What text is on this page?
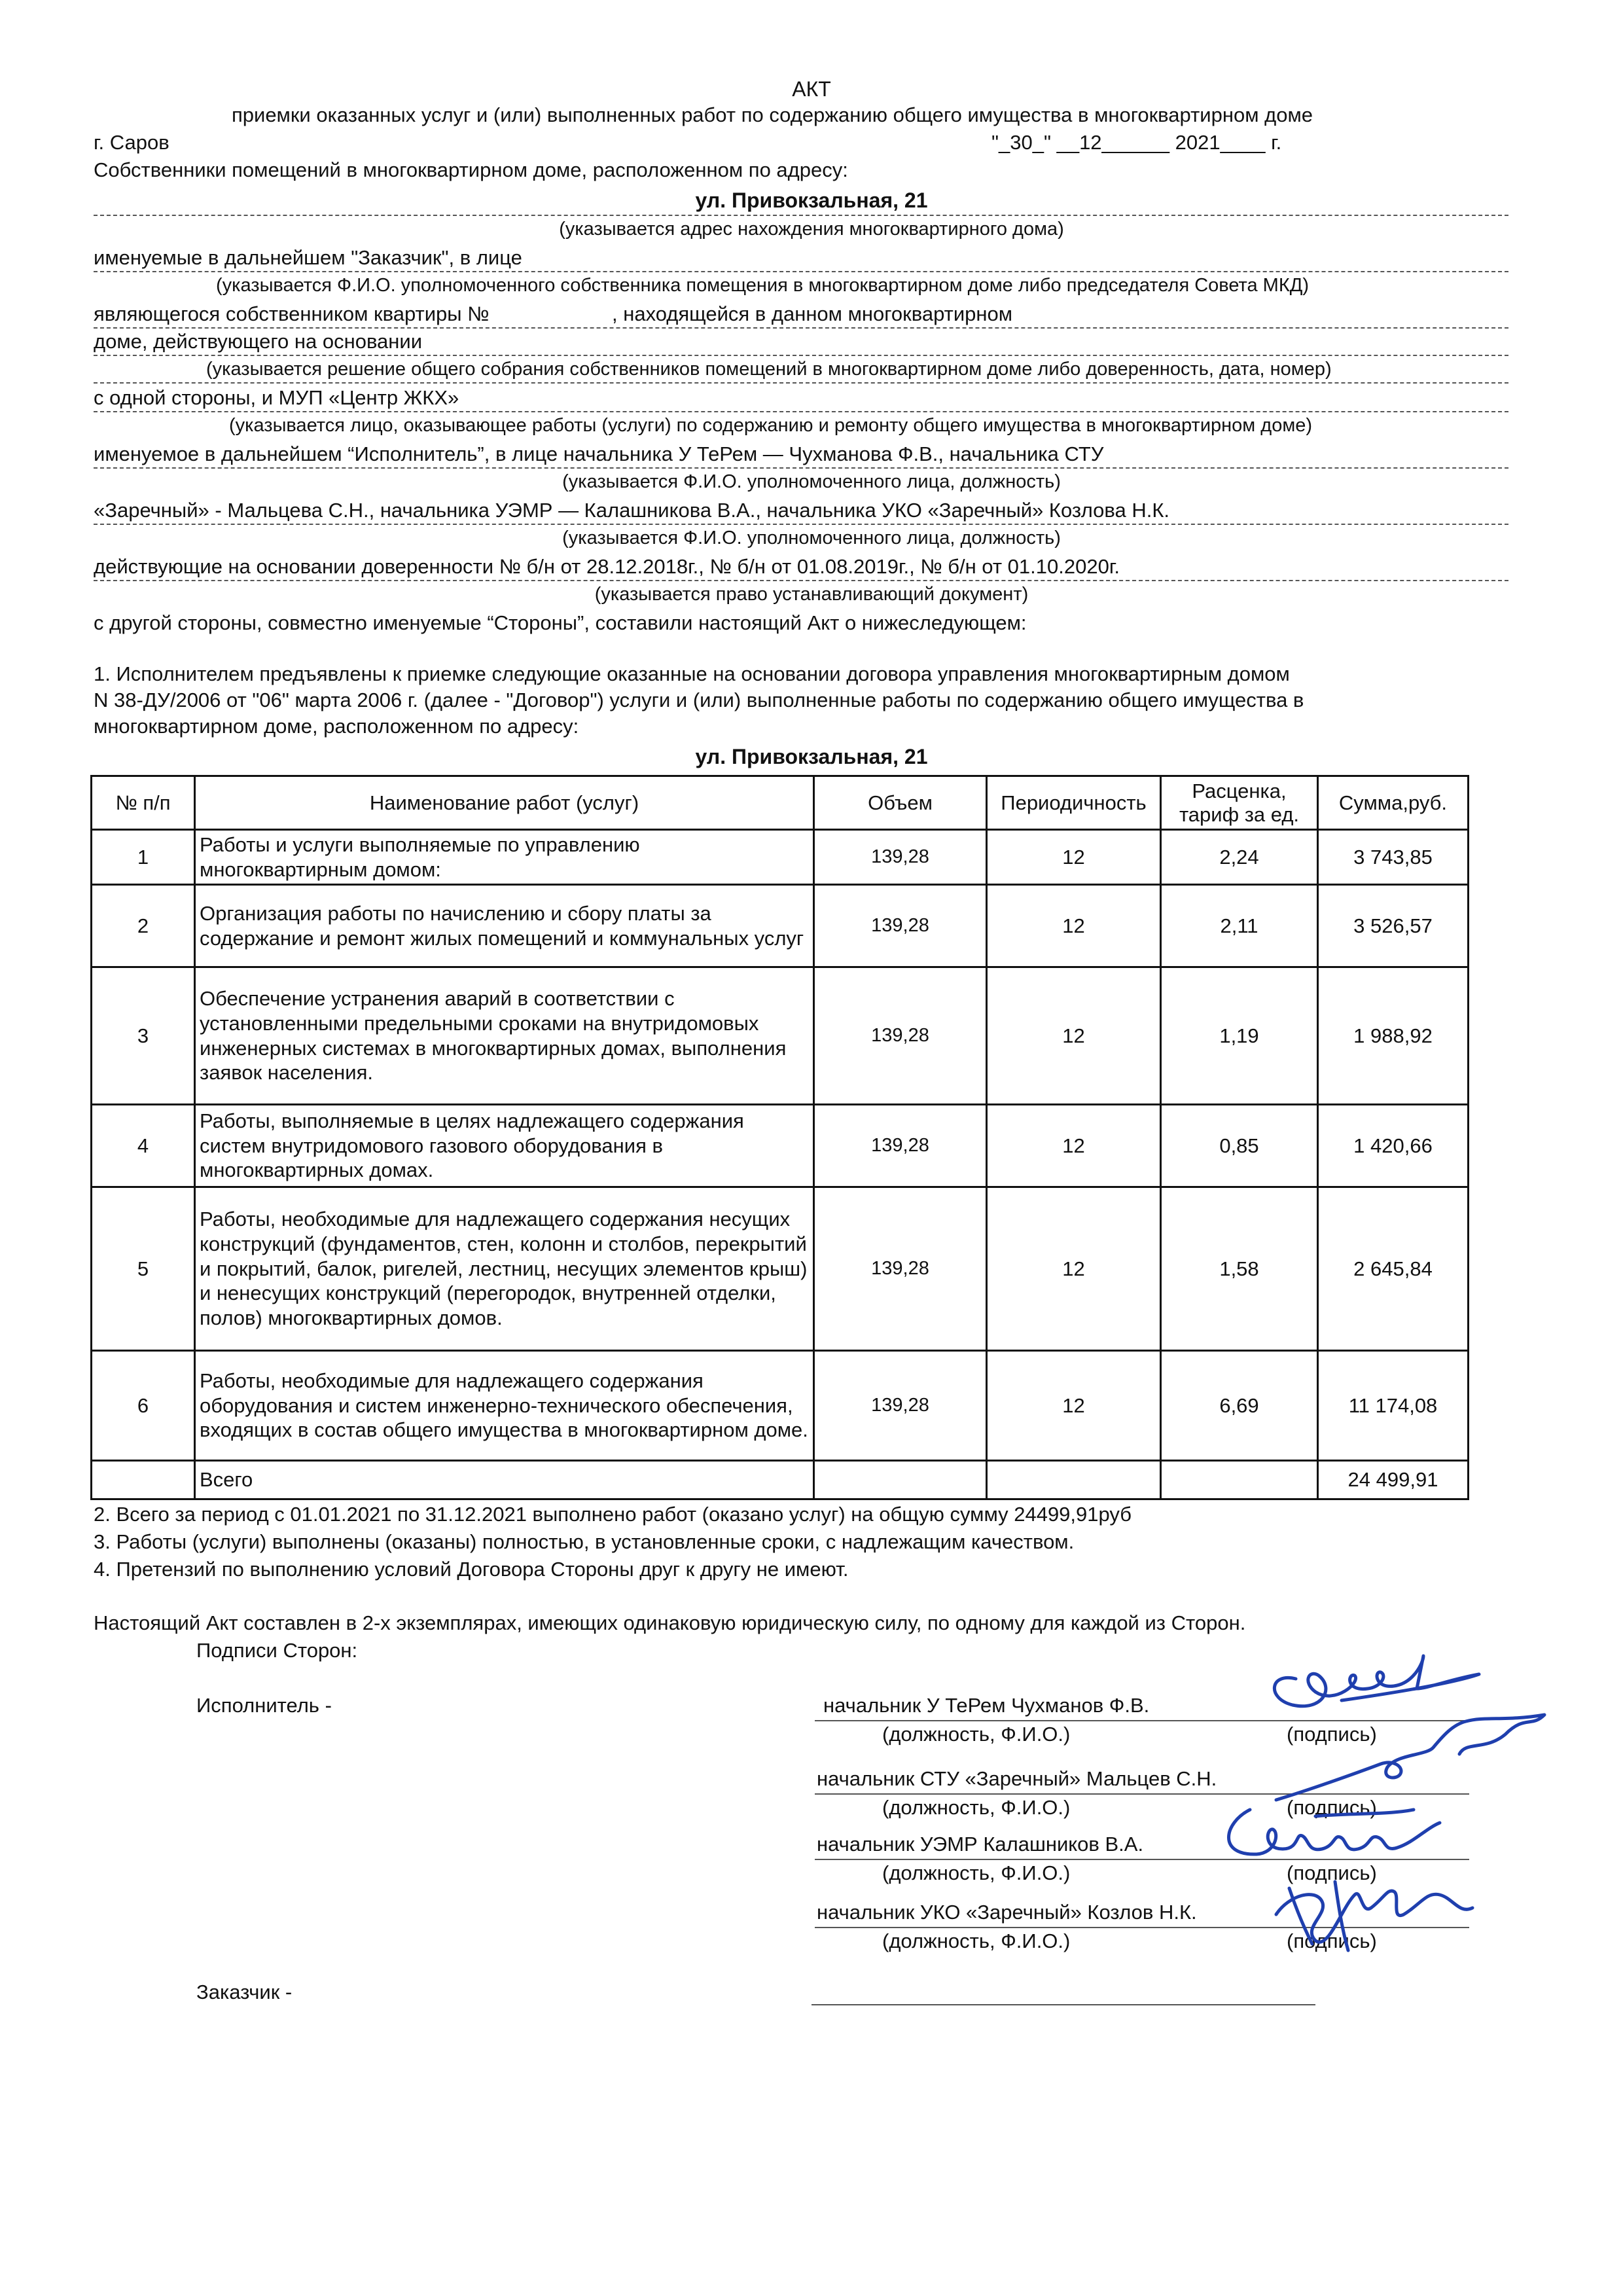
АКТ
приемки оказанных услуг и (или) выполненных работ по содержанию общего имущества в многоквартирном доме
г. Саров	"_30_" __12______ 2021____ г.
Собственники помещений в многоквартирном доме, расположенном по адресу:
ул. Привокзальная, 21
(указывается адрес нахождения многоквартирного дома)
именуемые в дальнейшем "Заказчик", в лице
(указывается Ф.И.О. уполномоченного собственника помещения в многоквартирном доме либо председателя Совета МКД)
являющегося собственником квартиры №	, находящейся в данном многоквартирном
доме, действующего на основании
(указывается решение общего собрания собственников помещений в многоквартирном доме либо доверенность, дата, номер)
с одной стороны, и МУП «Центр ЖКХ»
(указывается лицо, оказывающее работы (услуги) по содержанию и ремонту общего имущества в многоквартирном доме)
именуемое в дальнейшем “Исполнитель”, в лице начальника У ТеРем — Чухманова Ф.В., начальника СТУ
(указывается Ф.И.О. уполномоченного лица, должность)
«Заречный» - Мальцева С.Н., начальника УЭМР — Калашникова В.А., начальника УКО «Заречный» Козлова Н.К.
(указывается Ф.И.О. уполномоченного лица, должность)
действующие на основании доверенности № б/н от 28.12.2018г., № б/н от 01.08.2019г., № б/н от 01.10.2020г.
(указывается право устанавливающий документ)
с другой стороны, совместно именуемые “Стороны”, составили настоящий Акт о нижеследующем:
1. Исполнителем предъявлены к приемке следующие оказанные на основании договора управления многоквартирным домом
N 38-ДУ/2006 от "06" марта 2006 г. (далее - "Договор") услуги и (или) выполненные работы по содержанию общего имущества в
многоквартирном доме, расположенном по адресу:
ул. Привокзальная, 21
№ п/п	Наименование работ (услуг)	Объем	Периодичность	Расценка, тариф за ед.	Сумма,руб.
1	Работы и услуги выполняемые по управлению многоквартирным домом:	139,28	12	2,24	3 743,85
2	Организация работы по начислению и сбору платы за содержание и ремонт жилых помещений и коммунальных услуг	139,28	12	2,11	3 526,57
3	Обеспечение устранения аварий в соответствии с установленными предельными сроками на внутридомовых инженерных системах в многоквартирных домах, выполнения заявок населения.	139,28	12	1,19	1 988,92
4	Работы, выполняемые в целях надлежащего содержания систем внутридомового газового оборудования в многоквартирных домах.	139,28	12	0,85	1 420,66
5	Работы, необходимые для надлежащего содержания несущих конструкций (фундаментов, стен, колонн и столбов, перекрытий и покрытий, балок, ригелей, лестниц, несущих элементов крыш) и ненесущих конструкций (перегородок, внутренней отделки, полов) многоквартирных домов.	139,28	12	1,58	2 645,84
6	Работы, необходимые для надлежащего содержания оборудования и систем инженерно-технического обеспечения, входящих в состав общего имущества в многоквартирном доме.	139,28	12	6,69	11 174,08
	Всего				24 499,91
2. Всего за период с 01.01.2021 по 31.12.2021 выполнено работ (оказано услуг) на общую сумму 24499,91руб
3. Работы (услуги) выполнены (оказаны) полностью, в установленные сроки, с надлежащим качеством.
4. Претензий по выполнению условий Договора Стороны друг к другу не имеют.
Настоящий Акт составлен в 2-х экземплярах, имеющих одинаковую юридическую силу, по одному для каждой из Сторон.
Подписи Сторон:
Исполнитель -	начальник У ТеРем Чухманов Ф.В.
(должность, Ф.И.О.)	(подпись)
начальник СТУ «Заречный» Мальцев С.Н.
(должность, Ф.И.О.)	(подпись)
начальник УЭМР Калашников В.А.
(должность, Ф.И.О.)	(подпись)
начальник УКО «Заречный» Козлов Н.К.
(должность, Ф.И.О.)	(подпись)
Заказчик -
